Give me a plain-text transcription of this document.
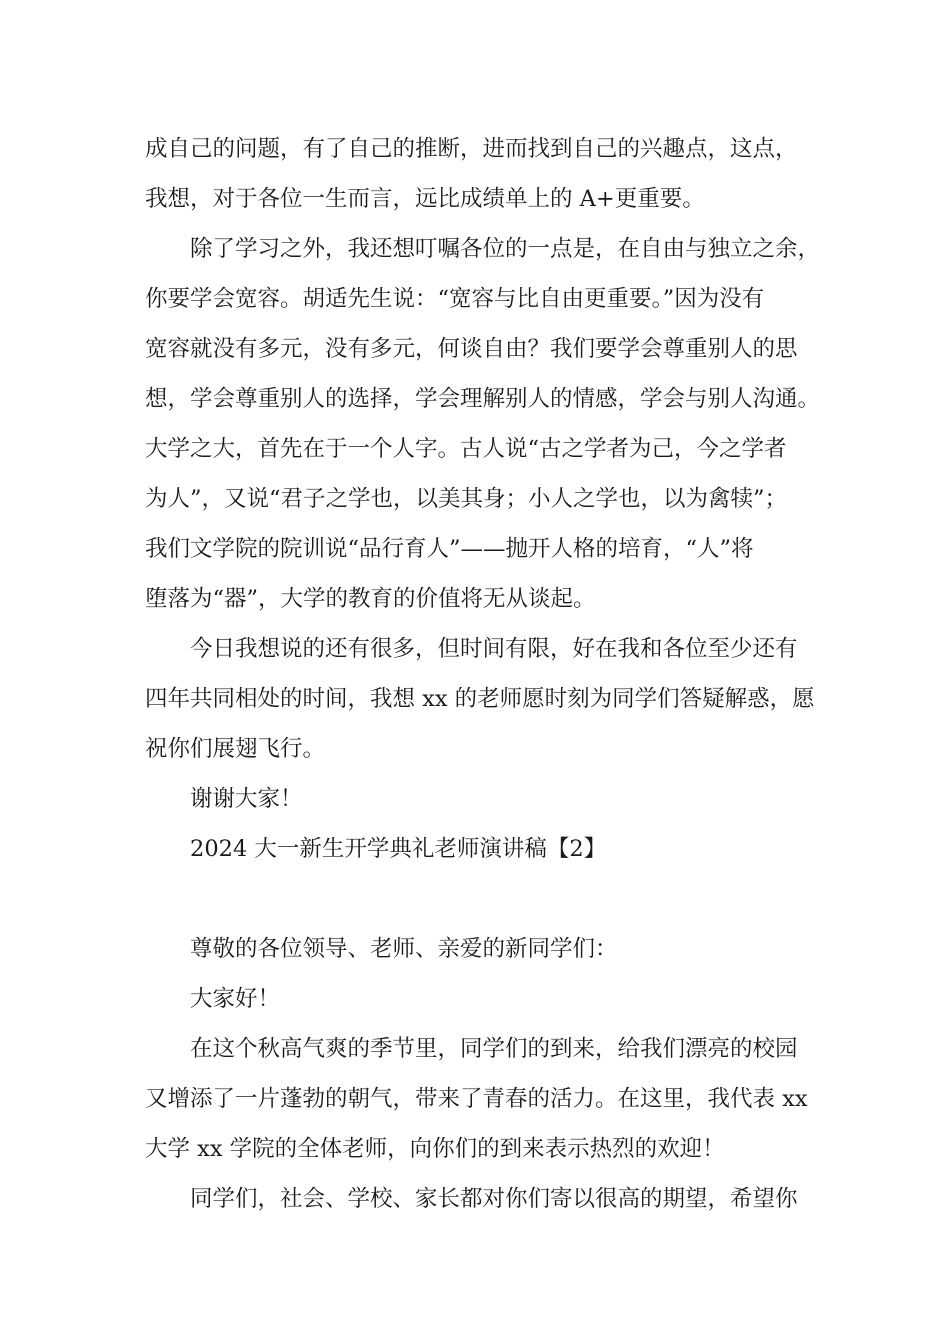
成自己的问题，有了自己的推断，进而找到自己的兴趣点，这点，
我想，对于各位一生而言，远比成绩单上的 A+更重要。
除了学习之外，我还想叮嘱各位的一点是，在自由与独立之余，
你要学会宽容。胡适先生说：“宽容与比自由更重要。”因为没有
宽容就没有多元，没有多元，何谈自由？我们要学会尊重别人的思
想，学会尊重别人的选择，学会理解别人的情感，学会与别人沟通。
大学之大，首先在于一个人字。古人说“古之学者为己，今之学者
为人”，又说“君子之学也，以美其身；小人之学也，以为禽犊”；
我们文学院的院训说“品行育人”——抛开人格的培育，“人”将
堕落为“器”，大学的教育的价值将无从谈起。
今日我想说的还有很多，但时间有限，好在我和各位至少还有
四年共同相处的时间，我想 xx 的老师愿时刻为同学们答疑解惑，愿
祝你们展翅飞行。
谢谢大家！
2024 大一新生开学典礼老师演讲稿【2】
尊敬的各位领导、老师、亲爱的新同学们：
大家好！
在这个秋高气爽的季节里，同学们的到来，给我们漂亮的校园
又增添了一片蓬勃的朝气，带来了青春的活力。在这里，我代表 xx
大学 xx 学院的全体老师，向你们的到来表示热烈的欢迎！
同学们，社会、学校、家长都对你们寄以很高的期望，希望你
